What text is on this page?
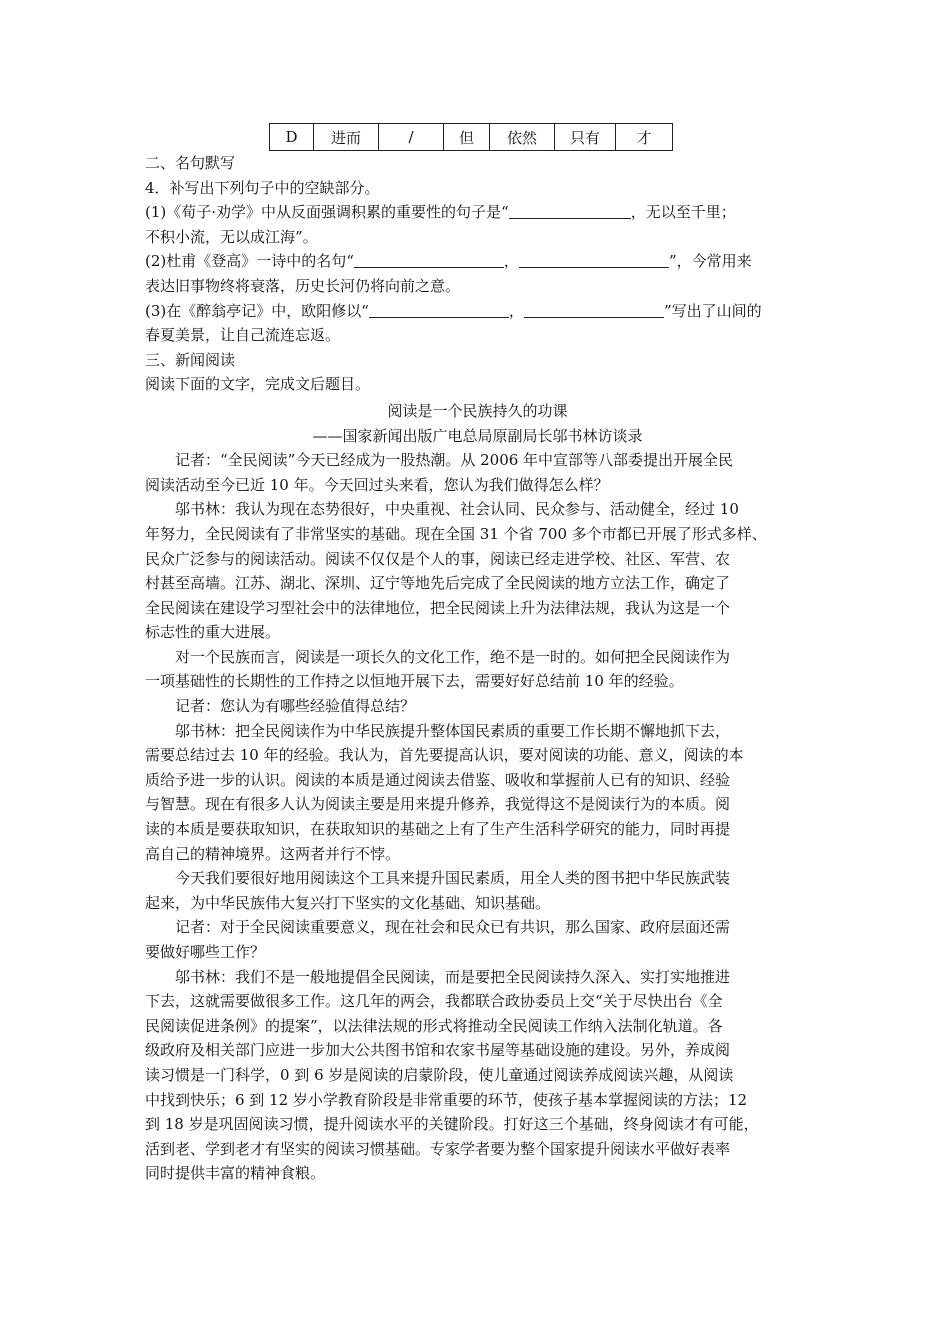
D	进而	/	但	依然	只有	才
二、名句默写
4．补写出下列句子中的空缺部分。
(1)《荀子·劝学》中从反面强调积累的重要性的句子是“	，无以至千里；
不积小流，无以成江海”。
(2)杜甫《登高》一诗中的名句“	，	”，今常用来
表达旧事物终将衰落，历史长河仍将向前之意。
(3)在《醉翁亭记》中，欧阳修以“	，	”写出了山间的
春夏美景，让自己流连忘返。
三、新闻阅读
阅读下面的文字，完成文后题目。
阅读是一个民族持久的功课
——国家新闻出版广电总局原副局长邬书林访谈录
记者：“全民阅读”今天已经成为一股热潮。从 2006 年中宣部等八部委提出开展全民
阅读活动至今已近 10 年。今天回过头来看，您认为我们做得怎么样？
邬书林：我认为现在态势很好，中央重视、社会认同、民众参与、活动健全，经过 10
年努力，全民阅读有了非常坚实的基础。现在全国 31 个省 700 多个市都已开展了形式多样、
民众广泛参与的阅读活动。阅读不仅仅是个人的事，阅读已经走进学校、社区、军营、农
村甚至高墙。江苏、湖北、深圳、辽宁等地先后完成了全民阅读的地方立法工作，确定了
全民阅读在建设学习型社会中的法律地位，把全民阅读上升为法律法规，我认为这是一个
标志性的重大进展。
对一个民族而言，阅读是一项长久的文化工作，绝不是一时的。如何把全民阅读作为
一项基础性的长期性的工作持之以恒地开展下去，需要好好总结前 10 年的经验。
记者：您认为有哪些经验值得总结？
邬书林：把全民阅读作为中华民族提升整体国民素质的重要工作长期不懈地抓下去，
需要总结过去 10 年的经验。我认为，首先要提高认识，要对阅读的功能、意义，阅读的本
质给予进一步的认识。阅读的本质是通过阅读去借鉴、吸收和掌握前人已有的知识、经验
与智慧。现在有很多人认为阅读主要是用来提升修养，我觉得这不是阅读行为的本质。阅
读的本质是要获取知识，在获取知识的基础之上有了生产生活科学研究的能力，同时再提
高自己的精神境界。这两者并行不悖。
今天我们要很好地用阅读这个工具来提升国民素质，用全人类的图书把中华民族武装
起来，为中华民族伟大复兴打下坚实的文化基础、知识基础。
记者：对于全民阅读重要意义，现在社会和民众已有共识，那么国家、政府层面还需
要做好哪些工作？
邬书林：我们不是一般地提倡全民阅读，而是要把全民阅读持久深入、实打实地推进
下去，这就需要做很多工作。这几年的两会，我都联合政协委员上交“关于尽快出台《全
民阅读促进条例》的提案”，以法律法规的形式将推动全民阅读工作纳入法制化轨道。各
级政府及相关部门应进一步加大公共图书馆和农家书屋等基础设施的建设。另外，养成阅
读习惯是一门科学，0 到 6 岁是阅读的启蒙阶段，使儿童通过阅读养成阅读兴趣，从阅读
中找到快乐；6 到 12 岁小学教育阶段是非常重要的环节，使孩子基本掌握阅读的方法；12
到 18 岁是巩固阅读习惯，提升阅读水平的关键阶段。打好这三个基础，终身阅读才有可能，
活到老、学到老才有坚实的阅读习惯基础。专家学者要为整个国家提升阅读水平做好表率
同时提供丰富的精神食粮。
